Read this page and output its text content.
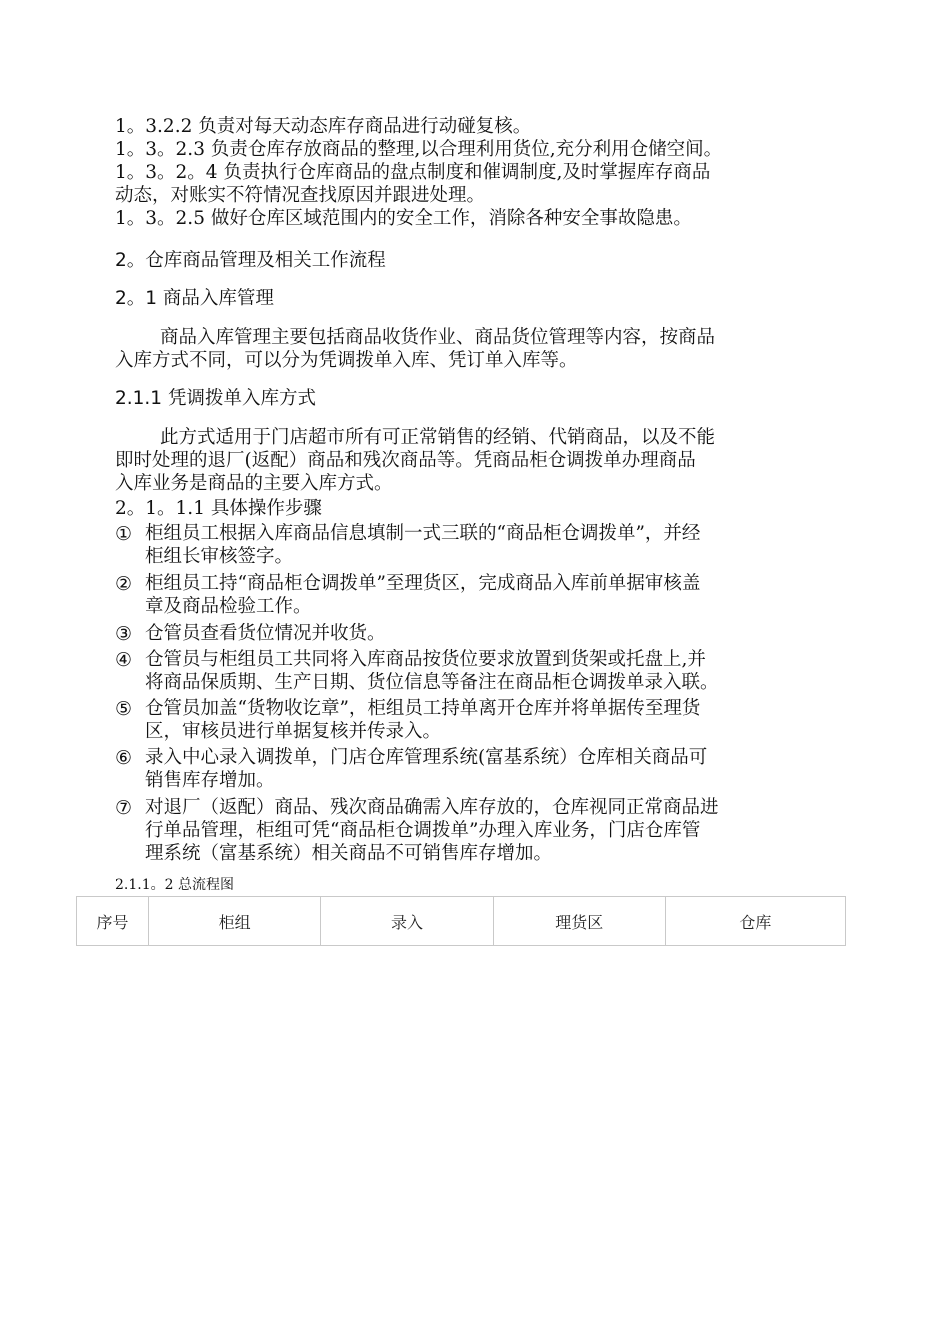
1。3.2.2 负责对每天动态库存商品进行动碰复核。
1。3。2.3 负责仓库存放商品的整理,以合理利用货位,充分利用仓储空间。
1。3。2。4 负责执行仓库商品的盘点制度和催调制度,及时掌握库存商品
动态，对账实不符情况查找原因并跟进处理。
1。3。2.5 做好仓库区域范围内的安全工作，消除各种安全事故隐患。
2。仓库商品管理及相关工作流程
2。1 商品入库管理
商品入库管理主要包括商品收货作业、商品货位管理等内容，按商品
入库方式不同，可以分为凭调拨单入库、凭订单入库等。
2.1.1 凭调拨单入库方式
此方式适用于门店超市所有可正常销售的经销、代销商品，以及不能
即时处理的退厂(返配）商品和残次商品等。凭商品柜仓调拨单办理商品
入库业务是商品的主要入库方式。
2。1。1.1 具体操作步骤
① 柜组员工根据入库商品信息填制一式三联的“商品柜仓调拨单”，并经
柜组长审核签字。
② 柜组员工持“商品柜仓调拨单”至理货区，完成商品入库前单据审核盖
章及商品检验工作。
③ 仓管员查看货位情况并收货。
④ 仓管员与柜组员工共同将入库商品按货位要求放置到货架或托盘上,并
将商品保质期、生产日期、货位信息等备注在商品柜仓调拨单录入联。
⑤ 仓管员加盖“货物收讫章”，柜组员工持单离开仓库并将单据传至理货
区，审核员进行单据复核并传录入。
⑥ 录入中心录入调拨单，门店仓库管理系统(富基系统）仓库相关商品可
销售库存增加。
⑦ 对退厂（返配）商品、残次商品确需入库存放的，仓库视同正常商品进
行单品管理，柜组可凭“商品柜仓调拨单”办理入库业务，门店仓库管
理系统（富基系统）相关商品不可销售库存增加。
2.1.1。2 总流程图
序号	柜组	录入	理货区	仓库
